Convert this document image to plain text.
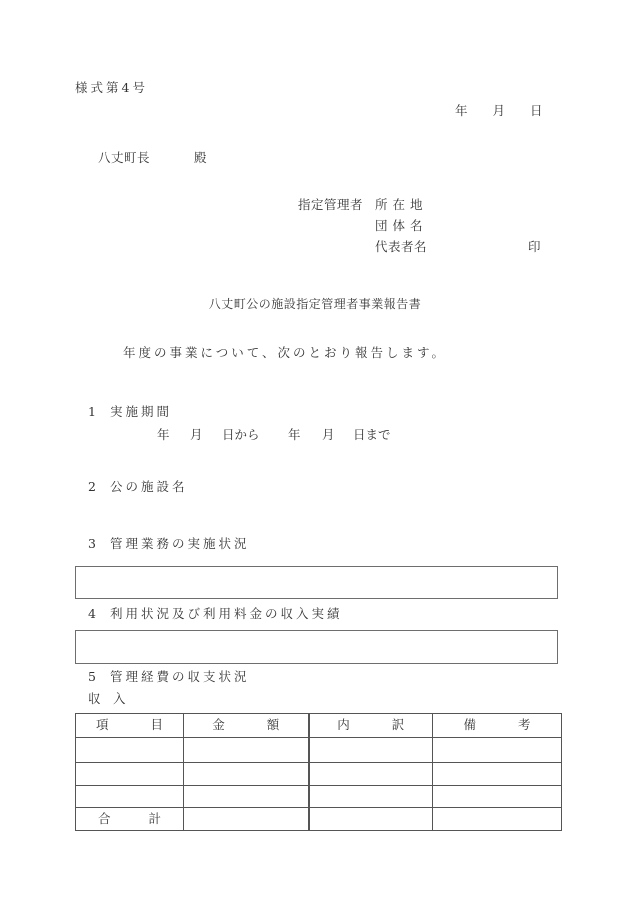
様式第4号
年　　月　　日
八丈町長	殿
指定管理者 所 在 地
団 体 名
代表者名	印
八丈町公の施設指定管理者事業報告書
年度の事業について、次のとおり報告します。
1 実施期間
年 月 日から 年 月 日まで
2 公の施設名
3 管理業務の実施状況
4 利用状況及び利用料金の収入実績
5 管理経費の収支状況
収　入
項 目	金 額	内 訳	備 考

合 計			
